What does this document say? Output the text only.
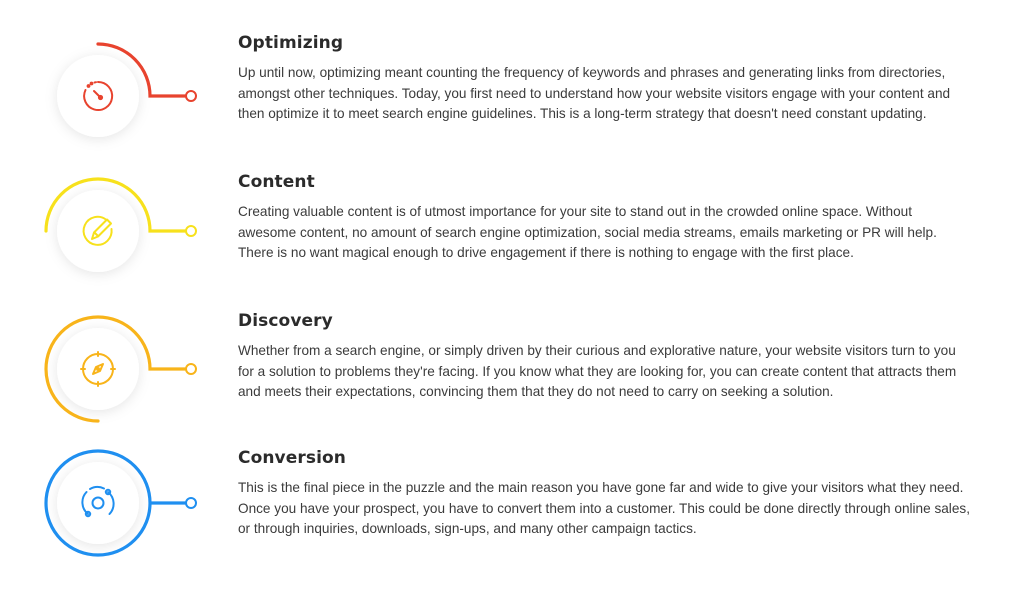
Optimizing

Up until now, optimizing meant counting the frequency of keywords and phrases and generating links from directories, amongst other techniques. Today, you first need to understand how your website visitors engage with your content and then optimize it to meet search engine guidelines. This is a long-term strategy that doesn't need constant updating.

Content

Creating valuable content is of utmost importance for your site to stand out in the crowded online space. Without awesome content, no amount of search engine optimization, social media streams, emails marketing or PR will help. There is no want magical enough to drive engagement if there is nothing to engage with the first place.

Discovery

Whether from a search engine, or simply driven by their curious and explorative nature, your website visitors turn to you for a solution to problems they're facing. If you know what they are looking for, you can create content that attracts them and meets their expectations, convincing them that they do not need to carry on seeking a solution.

Conversion

This is the final piece in the puzzle and the main reason you have gone far and wide to give your visitors what they need. Once you have your prospect, you have to convert them into a customer. This could be done directly through online sales, or through inquiries, downloads, sign-ups, and many other campaign tactics.
